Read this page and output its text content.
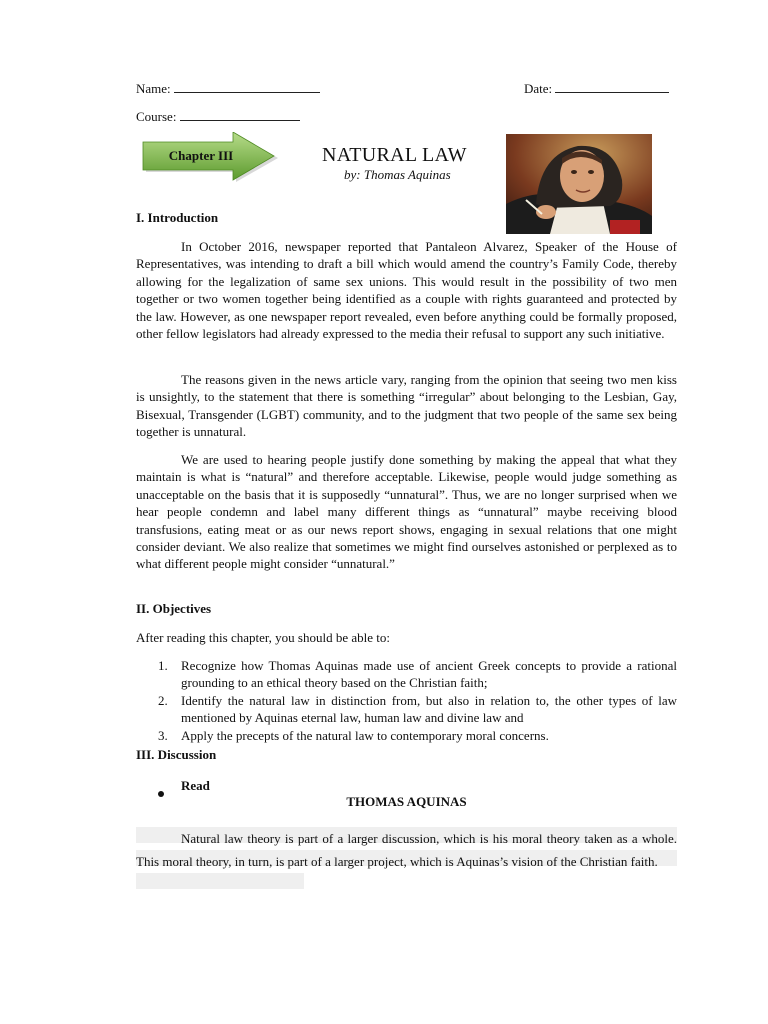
Name:	Date:
Course:
Chapter III	NATURAL LAW
by: Thomas Aquinas
I. Introduction
In October 2016, newspaper reported that Pantaleon Alvarez, Speaker of the House of Representatives, was intending to draft a bill which would amend the country’s Family Code, thereby allowing for the legalization of same sex unions. This would result in the possibility of two men together or two women together being identified as a couple with rights guaranteed and protected by the law. However, as one newspaper report revealed, even before anything could be formally proposed, other fellow legislators had already expressed to the media their refusal to support any such initiative.
The reasons given in the news article vary, ranging from the opinion that seeing two men kiss is unsightly, to the statement that there is something “irregular” about belonging to the Lesbian, Gay, Bisexual, Transgender (LGBT) community, and to the judgment that two people of the same sex being together is unnatural.
We are used to hearing people justify done something by making the appeal that what they maintain is what is “natural” and therefore acceptable. Likewise, people would judge something as unacceptable on the basis that it is supposedly “unnatural”. Thus, we are no longer surprised when we hear people condemn and label many different things as “unnatural” maybe receiving blood transfusions, eating meat or as our news report shows, engaging in sexual relations that one might consider deviant. We also realize that sometimes we might find ourselves astonished or perplexed as to what different people might consider “unnatural.”
II. Objectives
After reading this chapter, you should be able to:
1. Recognize how Thomas Aquinas made use of ancient Greek concepts to provide a rational grounding to an ethical theory based on the Christian faith;
2. Identify the natural law in distinction from, but also in relation to, the other types of law mentioned by Aquinas eternal law, human law and divine law and
3. Apply the precepts of the natural law to contemporary moral concerns.
III. Discussion
Read
THOMAS AQUINAS
Natural law theory is part of a larger discussion, which is his moral theory taken as a whole. This moral theory, in turn, is part of a larger project, which is Aquinas’s vision of the Christian faith.
